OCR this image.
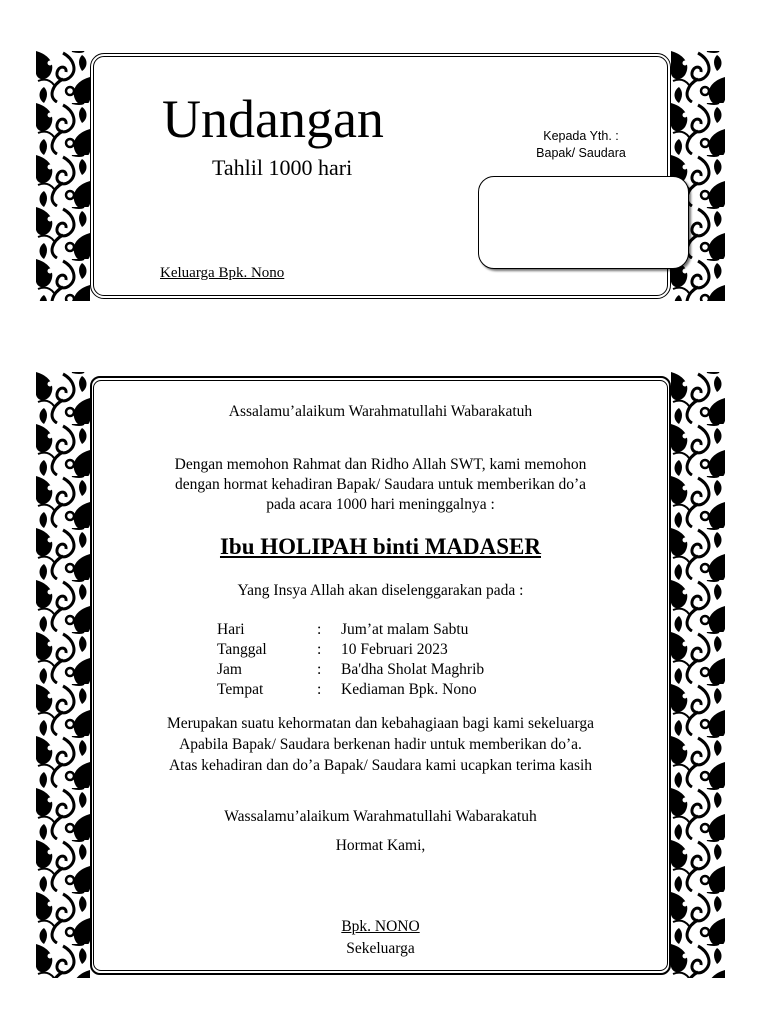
Undangan
Tahlil 1000 hari
Keluarga Bpk. Nono
Kepada Yth. :
Bapak/ Saudara
Assalamu’alaikum Warahmatullahi Wabarakatuh
Dengan memohon Rahmat dan Ridho Allah SWT, kami memohon
dengan hormat kehadiran Bapak/ Saudara untuk memberikan do’a
pada acara 1000 hari meninggalnya :
Ibu HOLIPAH binti MADASER
Yang Insya Allah akan diselenggarakan pada :
Hari	:	Jum’at malam Sabtu
Tanggal	:	10 Februari 2023
Jam	:	Ba'dha Sholat Maghrib
Tempat	:	Kediaman Bpk. Nono
Merupakan suatu kehormatan dan kebahagiaan bagi kami sekeluarga
Apabila Bapak/ Saudara berkenan hadir untuk memberikan do’a.
Atas kehadiran dan do’a Bapak/ Saudara kami ucapkan terima kasih
Wassalamu’alaikum Warahmatullahi Wabarakatuh
Hormat Kami,
Bpk. NONO
Sekeluarga
